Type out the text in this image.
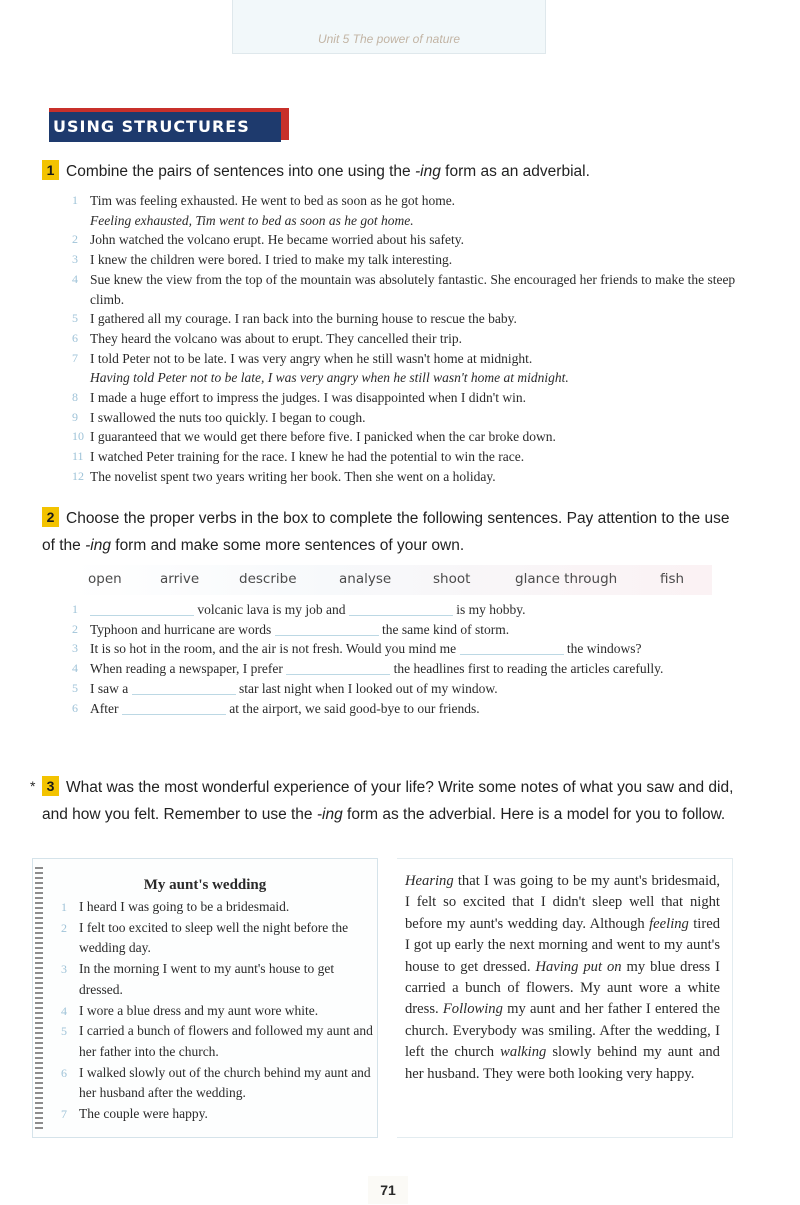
Unit 5 The power of nature
USING STRUCTURES
1 Combine the pairs of sentences into one using the -ing form as an adverbial.
1 Tim was feeling exhausted. He went to bed as soon as he got home.
Feeling exhausted, Tim went to bed as soon as he got home.
2 John watched the volcano erupt. He became worried about his safety.
3 I knew the children were bored. I tried to make my talk interesting.
4 Sue knew the view from the top of the mountain was absolutely fantastic. She encouraged her friends to make the steep climb.
5 I gathered all my courage. I ran back into the burning house to rescue the baby.
6 They heard the volcano was about to erupt. They cancelled their trip.
7 I told Peter not to be late. I was very angry when he still wasn't home at midnight.
Having told Peter not to be late, I was very angry when he still wasn't home at midnight.
8 I made a huge effort to impress the judges. I was disappointed when I didn't win.
9 I swallowed the nuts too quickly. I began to cough.
10 I guaranteed that we would get there before five. I panicked when the car broke down.
11 I watched Peter training for the race. I knew he had the potential to win the race.
12 The novelist spent two years writing her book. Then she went on a holiday.
2 Choose the proper verbs in the box to complete the following sentences. Pay attention to the use of the -ing form and make some more sentences of your own.
open	arrive	describe	analyse	shoot	glance through	fish
1	volcanic lava is my job and	is my hobby.
2 Typhoon and hurricane are words	the same kind of storm.
3 It is so hot in the room, and the air is not fresh. Would you mind me	the windows?
4 When reading a newspaper, I prefer	the headlines first to reading the articles carefully.
5 I saw a	star last night when I looked out of my window.
6 After	at the airport, we said good-bye to our friends.
* 3 What was the most wonderful experience of your life? Write some notes of what you saw and did, and how you felt. Remember to use the -ing form as the adverbial. Here is a model for you to follow.
My aunt's wedding
1 I heard I was going to be a bridesmaid.
2 I felt too excited to sleep well the night before the wedding day.
3 In the morning I went to my aunt's house to get dressed.
4 I wore a blue dress and my aunt wore white.
5 I carried a bunch of flowers and followed my aunt and her father into the church.
6 I walked slowly out of the church behind my aunt and her husband after the wedding.
7 The couple were happy.
Hearing that I was going to be my aunt's bridesmaid, I felt so excited that I didn't sleep well that night before my aunt's wedding day. Although feeling tired I got up early the next morning and went to my aunt's house to get dressed. Having put on my blue dress I carried a bunch of flowers. My aunt wore a white dress. Following my aunt and her father I entered the church. Everybody was smiling. After the wedding, I left the church walking slowly behind my aunt and her husband. They were both looking very happy.
71
